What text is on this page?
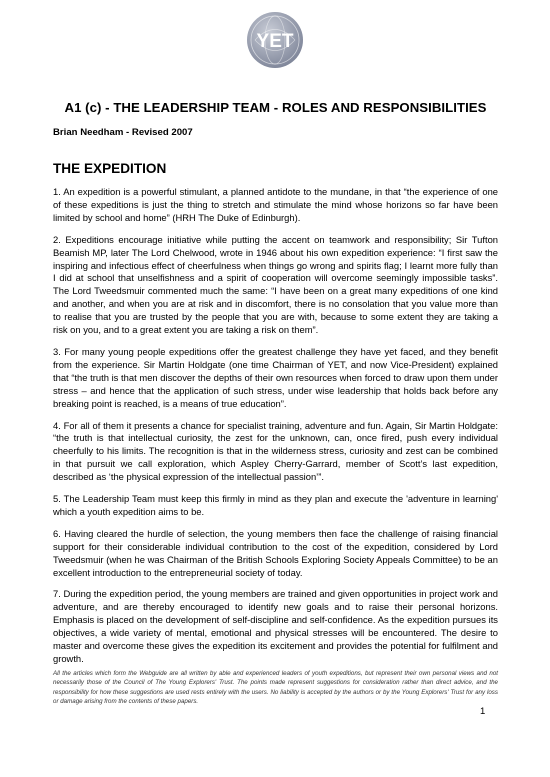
YET
A1 (c) - THE LEADERSHIP TEAM - ROLES AND RESPONSIBILITIES

Brian Needham - Revised 2007

THE EXPEDITION

1. An expedition is a powerful stimulant, a planned antidote to the mundane, in that “the experience of one of these expeditions is just the thing to stretch and stimulate the mind whose horizons so far have been limited by school and home” (HRH The Duke of Edinburgh).

2. Expeditions encourage initiative while putting the accent on teamwork and responsibility; Sir Tufton Beamish MP, later The Lord Chelwood, wrote in 1946 about his own expedition experience: “I first saw the inspiring and infectious effect of cheerfulness when things go wrong and spirits flag; I learnt more fully than I did at school that unselfishness and a spirit of cooperation will overcome seemingly impossible tasks”. The Lord Tweedsmuir commented much the same: “I have been on a great many expeditions of one kind and another, and when you are at risk and in discomfort, there is no consolation that you value more than to realise that you are trusted by the people that you are with, because to some extent they are taking a risk on you, and to a great extent you are taking a risk on them”.

3. For many young people expeditions offer the greatest challenge they have yet faced, and they benefit from the experience. Sir Martin Holdgate (one time Chairman of YET, and now Vice-President) explained that “the truth is that men discover the depths of their own resources when forced to draw upon them under stress – and hence that the application of such stress, under wise leadership that holds back before any breaking point is reached, is a means of true education”.

4. For all of them it presents a chance for specialist training, adventure and fun. Again, Sir Martin Holdgate: “the truth is that intellectual curiosity, the zest for the unknown, can, once fired, push every individual cheerfully to his limits. The recognition is that in the wilderness stress, curiosity and zest can be combined in that pursuit we call exploration, which Aspley Cherry-Garrard, member of Scott’s last expedition, described as ‘the physical expression of the intellectual passion’”.

5. The Leadership Team must keep this firmly in mind as they plan and execute the 'adventure in learning' which a youth expedition aims to be.

6. Having cleared the hurdle of selection, the young members then face the challenge of raising financial support for their considerable individual contribution to the cost of the expedition, considered by Lord Tweedsmuir (when he was Chairman of the British Schools Exploring Society Appeals Committee) to be an excellent introduction to the entrepreneurial society of today.

7. During the expedition period, the young members are trained and given opportunities in project work and adventure, and are thereby encouraged to identify new goals and to raise their personal horizons. Emphasis is placed on the development of self-discipline and self-confidence. As the expedition pursues its objectives, a wide variety of mental, emotional and physical stresses will be encountered. The desire to master and overcome these gives the expedition its excitement and provides the potential for fulfilment and growth.

All the articles which form the Webguide are all written by able and experienced leaders of youth expeditions, but represent their own personal views and not necessarily those of the Council of The Young Explorers' Trust. The points made represent suggestions for consideration rather than direct advice, and the responsibility for how these suggestions are used rests entirely with the users. No liability is accepted by the authors or by the Young Explorers' Trust for any loss or damage arising from the contents of these papers.
1
